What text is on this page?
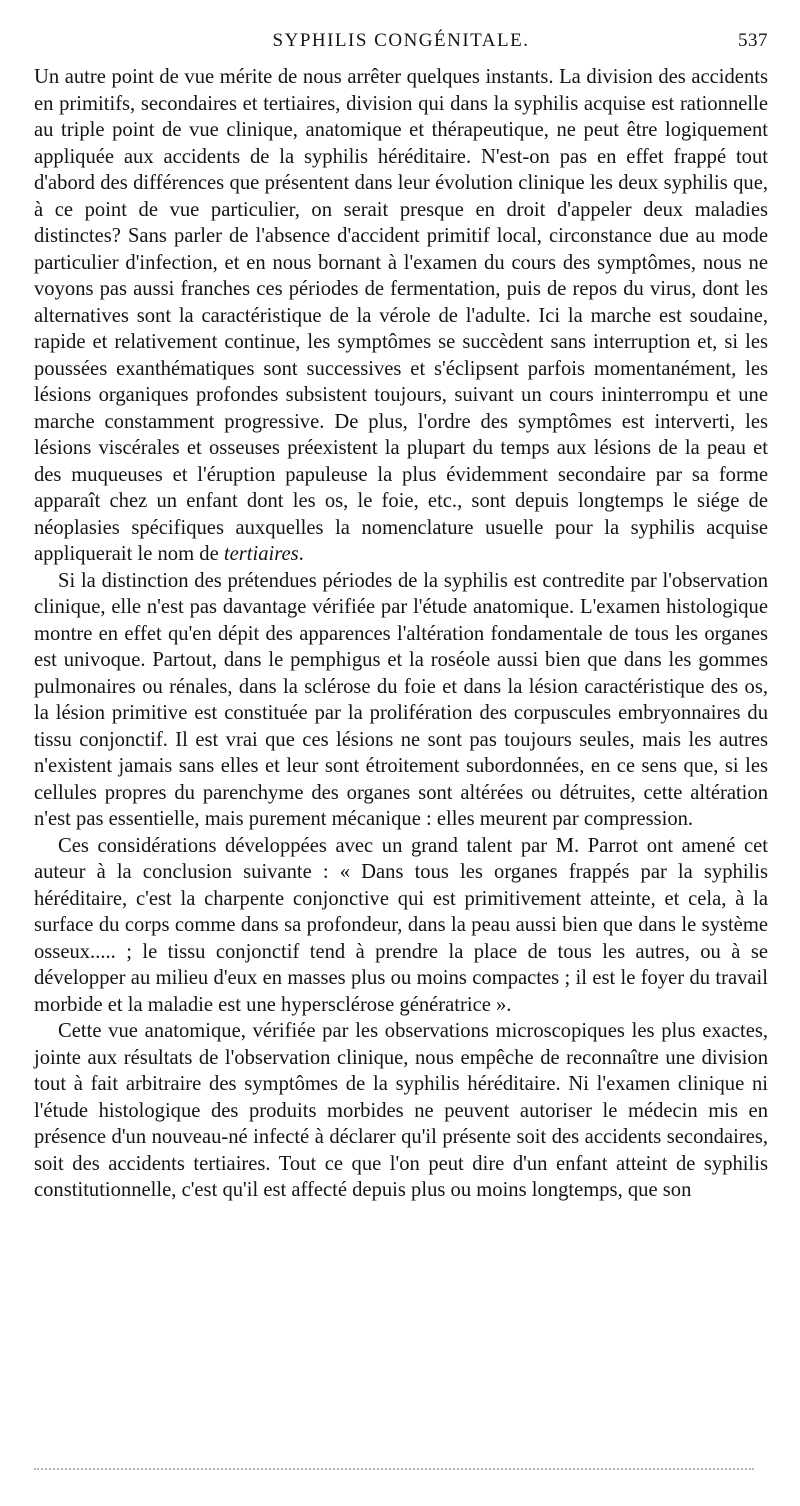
SYPHILIS CONGÉNITALE.	537

Un autre point de vue mérite de nous arrêter quelques instants. La division des accidents en primitifs, secondaires et tertiaires, division qui dans la syphilis acquise est rationnelle au triple point de vue clinique, anatomique et thérapeutique, ne peut être logiquement appliquée aux accidents de la syphilis héréditaire. N'est-on pas en effet frappé tout d'abord des différences que présentent dans leur évolution clinique les deux syphilis que, à ce point de vue particulier, on serait presque en droit d'appeler deux maladies distinctes? Sans parler de l'absence d'accident primitif local, circonstance due au mode particulier d'infection, et en nous bornant à l'examen du cours des symptômes, nous ne voyons pas aussi franches ces périodes de fermentation, puis de repos du virus, dont les alternatives sont la caractéristique de la vérole de l'adulte. Ici la marche est soudaine, rapide et relativement continue, les symptômes se succèdent sans interruption et, si les poussées exanthématiques sont successives et s'éclipsent parfois momentanément, les lésions organiques profondes subsistent toujours, suivant un cours ininterrompu et une marche constamment progressive. De plus, l'ordre des symptômes est interverti, les lésions viscérales et osseuses préexistent la plupart du temps aux lésions de la peau et des muqueuses et l'éruption papuleuse la plus évidemment secondaire par sa forme apparaît chez un enfant dont les os, le foie, etc., sont depuis longtemps le siége de néoplasies spécifiques auxquelles la nomenclature usuelle pour la syphilis acquise appliquerait le nom de tertiaires.

Si la distinction des prétendues périodes de la syphilis est contredite par l'observation clinique, elle n'est pas davantage vérifiée par l'étude anatomique. L'examen histologique montre en effet qu'en dépit des apparences l'altération fondamentale de tous les organes est univoque. Partout, dans le pemphigus et la roséole aussi bien que dans les gommes pulmonaires ou rénales, dans la sclérose du foie et dans la lésion caractéristique des os, la lésion primitive est constituée par la prolifération des corpuscules embryonnaires du tissu conjonctif. Il est vrai que ces lésions ne sont pas toujours seules, mais les autres n'existent jamais sans elles et leur sont étroitement subordonnées, en ce sens que, si les cellules propres du parenchyme des organes sont altérées ou détruites, cette altération n'est pas essentielle, mais purement mécanique : elles meurent par compression.

Ces considérations développées avec un grand talent par M. Parrot ont amené cet auteur à la conclusion suivante : « Dans tous les organes frappés par la syphilis héréditaire, c'est la charpente conjonctive qui est primitivement atteinte, et cela, à la surface du corps comme dans sa profondeur, dans la peau aussi bien que dans le système osseux..... ; le tissu conjonctif tend à prendre la place de tous les autres, ou à se développer au milieu d'eux en masses plus ou moins compactes ; il est le foyer du travail morbide et la maladie est une hypersclérose génératrice ».

Cette vue anatomique, vérifiée par les observations microscopiques les plus exactes, jointe aux résultats de l'observation clinique, nous empêche de reconnaître une division tout à fait arbitraire des symptômes de la syphilis héréditaire. Ni l'examen clinique ni l'étude histologique des produits morbides ne peuvent autoriser le médecin mis en présence d'un nouveau-né infecté à déclarer qu'il présente soit des accidents secondaires, soit des accidents tertiaires. Tout ce que l'on peut dire d'un enfant atteint de syphilis constitutionnelle, c'est qu'il est affecté depuis plus ou moins longtemps, que son
